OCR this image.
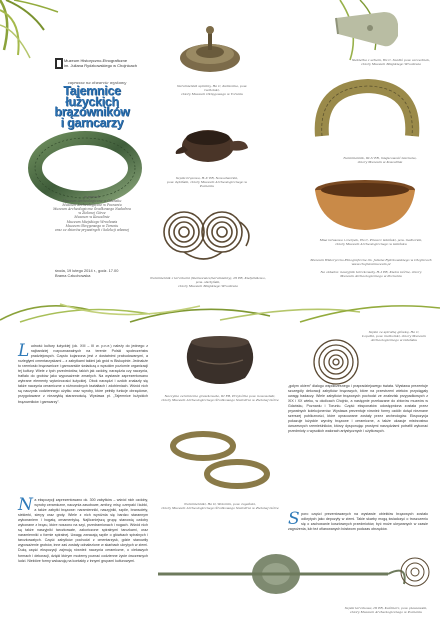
Muzeum Historyczno-Etnograficzne
im. Juliana Rydzkowskiego w Chojnicach
zaprasza na otwarcie wystawy
Tajemnice
łużyckich
brązowników
i garncarzy
w ramach
Muzeum Archeologiczne w Gdańsku
Muzeum Archeologiczne w Poznaniu
Muzeum Archeologiczne Środkowego Nadodrza
w Zielonej Górze
Muzeum w Koszalinie
Muzeum Miejskiego Wrocławia
Muzeum Okręgowego w Toruniu
oraz ze zbiorów prywatnych i kolekcji własnej
środa, 19 lutego 2014 r., godz. 17.00
Brama Człuchowska
Naramiennik spiralny, Ha C, Kamionka, pow. tucholski,
zbiory Muzeum Okręgowego w Toruniu
Szpila brązowa, H–V EB, Nowodworski,
pow. dębiński, zbiory Muzeum Archeologicznego w Poznaniu
Naramiennik z tarczkami (Sierszewicz/naramienny), III EB, Kiełpinikowo, pow. olsztyński,
zbiory Muzeum Miejskiego Wrocławia
Siekierka z uchem, Ha C. Szadłó pow. szczecinek,
zbiory Muzeum Miejskiego Wrocławia
Naramiennik, III–V EB, miejscowość nieznana,
zbiory Muzeum w Koszalinie
Misa tarasowa i czerpak, Ha C, Pruszcz Gdański, pow. malborski,
zbiory Muzeum Archeologicznego w Gdańsku
Muzeum Historyczno-Etnograficzne im. Juliana Rydzkowskiego w Chojnicach
www.chojnicemuzeum.pl
Na okładce: naszyjnik tarczkowaty, H–I EB, Kielce Górne, zbiory
Muzeum Archeologicznego w Poznaniu
Ludność kultury łużyckiej (ok. XIII – III w. p.n.e.) należy do jednego z najbardziej rozpoznawalnych na terenie Polski społeczeństw pradziejowych. Często kojarzona jest z dostatnimi prabudowanymi, a rozległymi cmentarzyskami – z zabytkami takimi jak gród w Biskupinie. Jednakże to rzemiosło brązownicze i garncarskie świadczą o wysokim poziomie organizacji tej kultury. Wiele z tych przedmiotów, takich jak ozdoby, narzędzia czy naczynia, trafiało do grobów jako wyposażenie zmarłych. Na wystawie zaprezentowano wybrane elementy wytwórczości łużyckiej. Obok narzędzi i ozdób znalazły się także naczynia ceramiczne o różnorodnych kształtach i zdobieniach. Wśród nich są naczynia codziennego użytku oraz wyroby, które pełniły funkcje obrzędowe, przygotowane z niezwykłą starannością. Wystawa pt. „Tajemnice łużyckich brązowników i garncarzy”.
Na ekspozycji zaprezentowano ok. 300 zabytków – wśród nich ozdoby, wyroby ceramiczne, naczynia zasobowe, amfory, misy, czerpaki i kubki, a także zabytki brązowe: naramienniki, naszyjniki, szpile, bransolety, siekierki, sierpy oraz groty. Wiele z nich wyróżnia się bardzo starannym wykonaniem i bogatą ornamentyką. Najliczniejszą grupę stanowią ozdoby wykonane z brązu, które noszono na szyi, przedramionach i nogach. Wśród nich są także naszyjniki tarczkowate, zakończone spiralnymi tarczkami, oraz naramienniki o formie spiralnej. Uwagę zwracają szpile o główkach spiralnych i tarczkowatych. Część zabytków pochodzi z cmentarzysk, gdzie stanowiły wyposażenie grobów, inne zaś zostały odnalezione w skarbach ukrytych w ziemi. Dużą część ekspozycji zajmują również naczynia ceramiczne, o ciekawych formach i dekoracji, dzięki którym możemy poznać codzienne życie ówczesnych ludzi. Niektóre formy wskazują na kontakty z innymi grupami kulturowymi.
Naczynie ceramiczne gruszkowate, III EB, Przybórka pow. nowosolski,
zbiory Muzeum Archeologicznego Środkowego Nadodrza w Zielonej Górze
Naramienniki, Ha D, Wołomin, pow. żagański,
zbiory Muzeum Archeologicznego Środkowego Nadodrza w Zielonej Górze
Szpila ze spiralną główką, Ha C,
Łopatki, pow. malborski, zbiory Muzeum
Archeologicznego w Gdańsku
„gołym okiem” dialogu współczesnego i prapradziejowego świata. Wystawa prezentuje szczegóły dekoracji zabytków brązowych, które na przestrzeni wieków przyciągały uwagę badaczy. Wiele zabytków brązowych pochodzi ze znalezisk przypadkowych z XIX i XX wieku, w okolicach Chojnic, a następnie przekazane do zbiorów muzeów w Gdańsku, Poznaniu i Toruniu. Część eksponatów udostępniona została przez prywatnych kolekcjonerów. Wystawa prezentuje również formy ozdób dotąd nieznane szerszej publiczności, które opracowane zostały przez archeologów. Ekspozycja pokazuje łużyckie wyroby brązowe i ceramiczne, a także ukazuje mistrzostwo ówczesnych rzemieślników, którzy dysponując prostymi narzędziami potrafili wykonać przedmioty o wysokich walorach artystycznych i użytkowych.
Sporo części prezentowanych na wystawie obiektów brązowych zostało odkrytych jako depozyty w ziemi. Takie skarby mogą świadczyć o troszczeniu się o zachowanie kosztownych przedmiotów, być może ukrywanych w czasie zagrożenia, lub też ofiarowanych bóstwom podczas obrzędów.
Szpila tarczkowa, III EB, Kaźmierz, pow. pleszewski,
zbiory Muzeum Archeologicznego w Poznaniu
